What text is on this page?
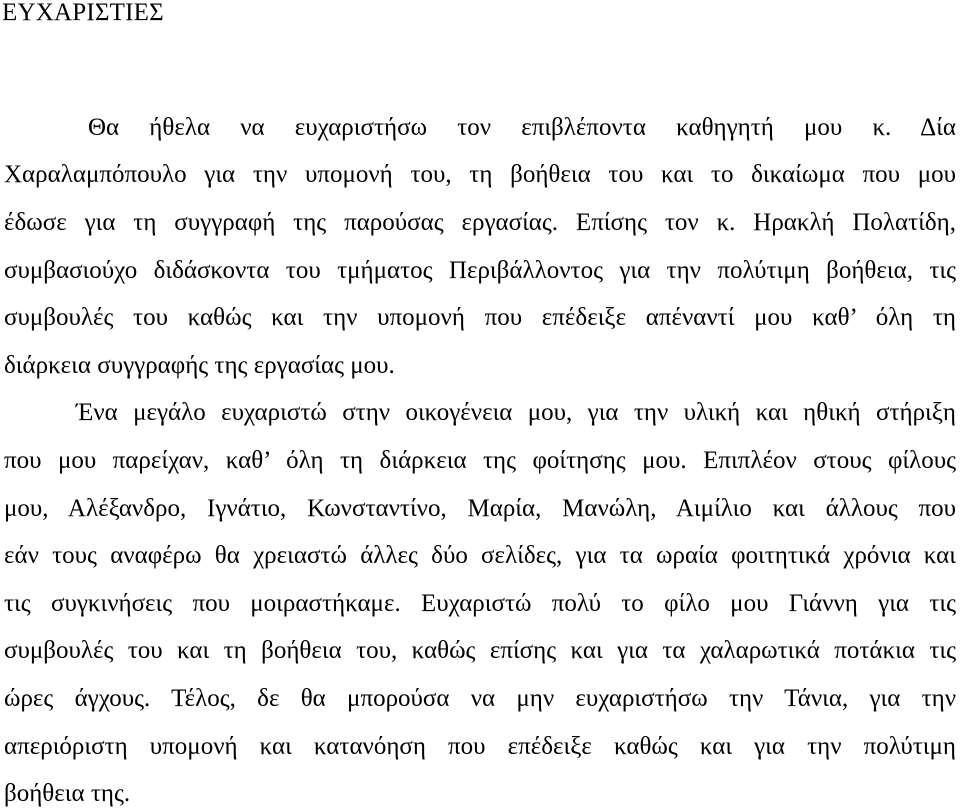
ΕΥΧΑΡΙΣΤΙΕΣ
Θα ήθελα να ευχαριστήσω τον επιβλέποντα καθηγητή μου κ. Δία
Χαραλαμπόπουλο για την υπομονή του, τη βοήθεια του και το δικαίωμα που μου
έδωσε για τη συγγραφή της παρούσας εργασίας. Επίσης τον κ. Ηρακλή Πολατίδη,
συμβασιούχο διδάσκοντα του τμήματος Περιβάλλοντος για την πολύτιμη βοήθεια, τις
συμβουλές του καθώς και την υπομονή που επέδειξε απέναντί μου καθ’ όλη τη
διάρκεια συγγραφής της εργασίας μου.
Ένα μεγάλο ευχαριστώ στην οικογένεια μου, για την υλική και ηθική στήριξη
που μου παρείχαν, καθ’ όλη τη διάρκεια της φοίτησης μου. Επιπλέον στους φίλους
μου, Αλέξανδρο, Ιγνάτιο, Κωνσταντίνο, Μαρία, Μανώλη, Αιμίλιο και άλλους που
εάν τους αναφέρω θα χρειαστώ άλλες δύο σελίδες, για τα ωραία φοιτητικά χρόνια και
τις συγκινήσεις που μοιραστήκαμε. Ευχαριστώ πολύ το φίλο μου Γιάννη για τις
συμβουλές του και τη βοήθεια του, καθώς επίσης και για τα χαλαρωτικά ποτάκια τις
ώρες άγχους. Τέλος, δε θα μπορούσα να μην ευχαριστήσω την Τάνια, για την
απεριόριστη υπομονή και κατανόηση που επέδειξε καθώς και για την πολύτιμη
βοήθεια της.
